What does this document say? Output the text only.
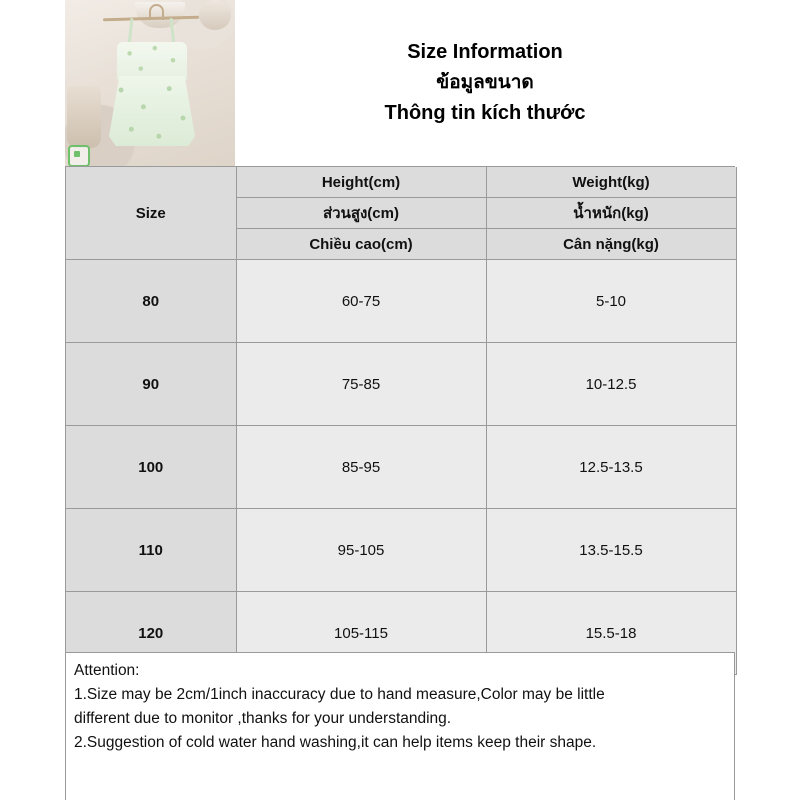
Size Information
ข้อมูลขนาด
Thông tin kích thước
Size	Height(cm)	Weight(kg)
	ส่วนสูง(cm)	น้ำหนัก(kg)
	Chiều cao(cm)	Cân nặng(kg)
80	60-75	5-10
90	75-85	10-12.5
100	85-95	12.5-13.5
110	95-105	13.5-15.5
120	105-115	15.5-18

Attention:

1.Size may be 2cm/1inch inaccuracy due to hand measure,Color may be little

different due to monitor ,thanks for your understanding.

2.Suggestion of cold water hand washing,it can help items keep their shape.
